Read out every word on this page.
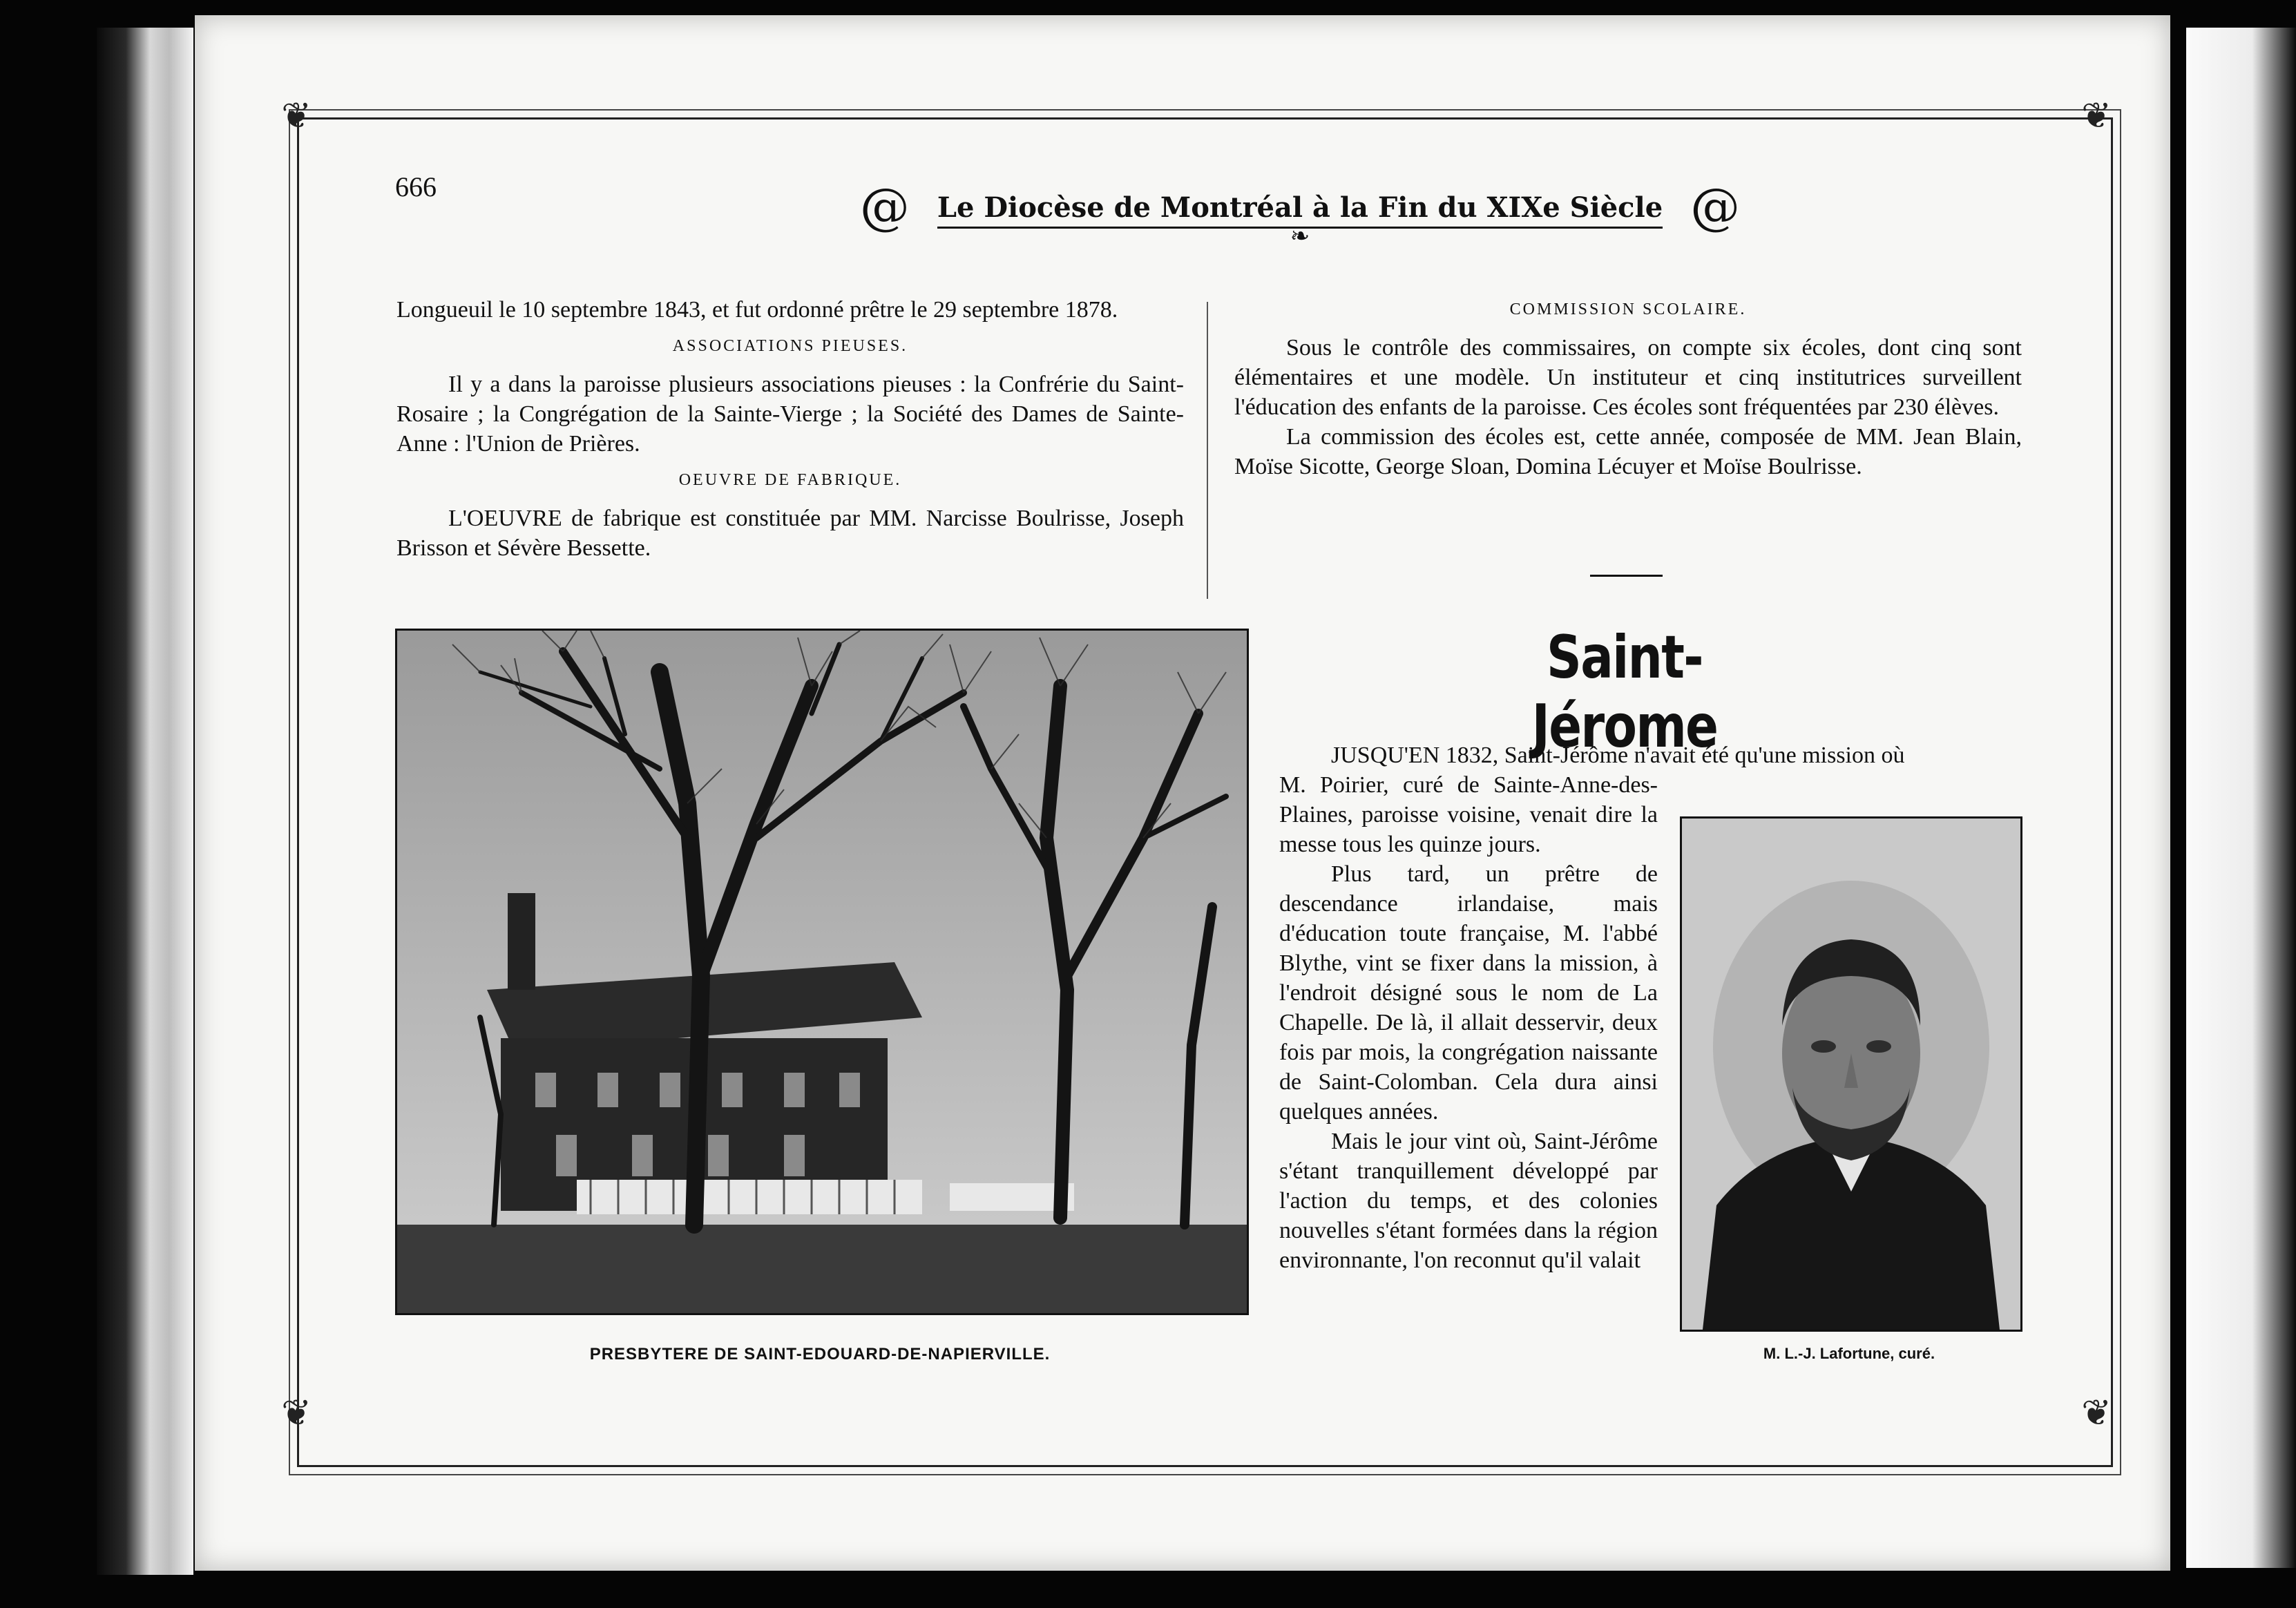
❦	❦
❦	❦
666	@ Le Diocèse de Montréal à la Fin du XIXe Siècle @
❧

Longueuil le 10 septembre 1843, et fut ordonné prêtre le 29 septembre 1878.

ASSOCIATIONS PIEUSES.

Il y a dans la paroisse plusieurs associations pieuses : la Confrérie du Saint-Rosaire ; la Congrégation de la Sainte-Vierge ; la Société des Dames de Sainte-Anne : l'Union de Prières.

OEUVRE DE FABRIQUE.

L'OEUVRE de fabrique est constituée par MM. Narcisse Boulrisse, Joseph Brisson et Sévère Bessette.

COMMISSION SCOLAIRE.

Sous le contrôle des commissaires, on compte six écoles, dont cinq sont élémentaires et une modèle. Un instituteur et cinq institutrices surveillent l'éducation des enfants de la paroisse. Ces écoles sont fréquentées par 230 élèves.

La commission des écoles est, cette année, composée de MM. Jean Blain, Moïse Sicotte, George Sloan, Domina Lécuyer et Moïse Boulrisse.

PRESBYTERE DE SAINT-EDOUARD-DE-NAPIERVILLE.
Saint-Jérome

JUSQU'EN 1832, Saint-Jérôme n'avait été qu'une mission où

M. Poirier, curé de Sainte-Anne-des-Plaines, paroisse voisine, venait dire la messe tous les quinze jours.

Plus tard, un prêtre de descendance irlandaise, mais d'éducation toute française, M. l'abbé Blythe, vint se fixer dans la mission, à l'endroit désigné sous le nom de La Chapelle. De là, il allait desservir, deux fois par mois, la congrégation naissante de Saint-Colomban. Cela dura ainsi quelques années.

Mais le jour vint où, Saint-Jérôme s'étant tranquillement développé par l'action du temps, et des colonies nouvelles s'étant formées dans la région environnante, l'on reconnut qu'il valait

M. L.-J. Lafortune, curé.
